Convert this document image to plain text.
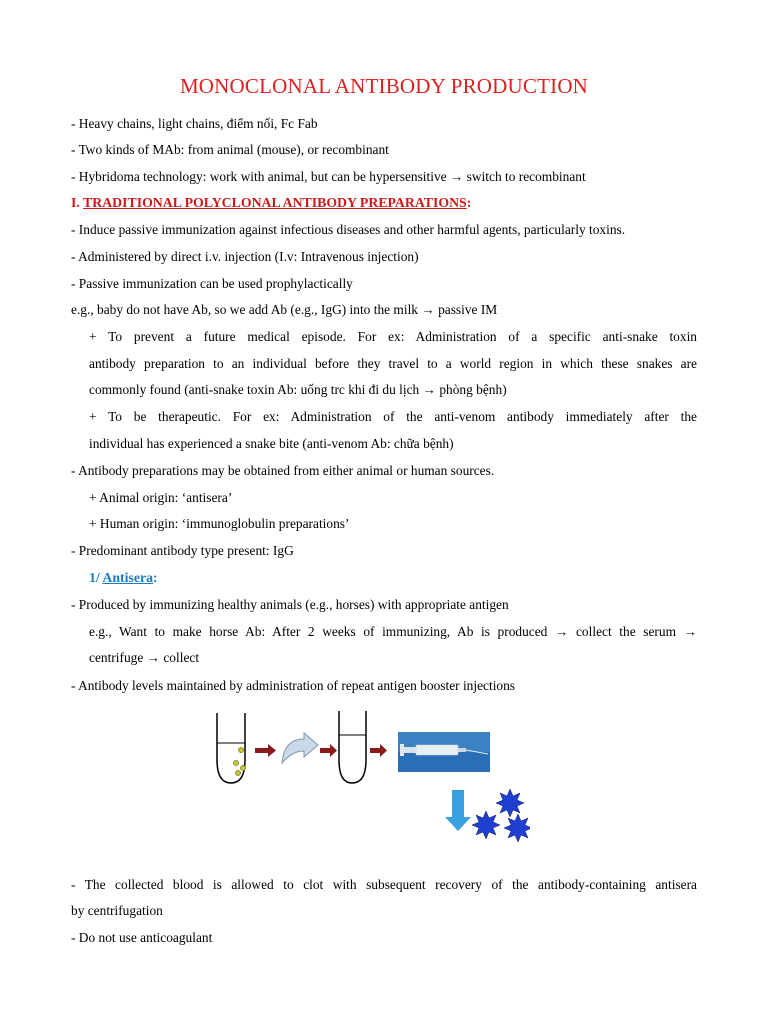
MONOCLONAL ANTIBODY PRODUCTION
- Heavy chains, light chains, điểm nối, Fc Fab
- Two kinds of MAb: from animal (mouse), or recombinant
- Hybridoma technology: work with animal, but can be hypersensitive → switch to recombinant
I. TRADITIONAL POLYCLONAL ANTIBODY PREPARATIONS:
- Induce passive immunization against infectious diseases and other harmful agents, particularly toxins.
- Administered by direct i.v. injection (I.v: Intravenous injection)
- Passive immunization can be used prophylactically
e.g., baby do not have Ab, so we add Ab (e.g., IgG) into the milk → passive IM
+ To prevent a future medical episode. For ex: Administration of a specific anti-snake toxin
antibody preparation to an individual before they travel to a world region in which these snakes are
commonly found (anti-snake toxin Ab: uống trc khi đi du lịch → phòng bệnh)
+ To be therapeutic. For ex: Administration of the anti-venom antibody immediately after the
individual has experienced a snake bite (anti-venom Ab: chữa bệnh)
- Antibody preparations may be obtained from either animal or human sources.
+ Animal origin: ‘antisera’
+ Human origin: ‘immunoglobulin preparations’
- Predominant antibody type present: IgG
1/ Antisera:
- Produced by immunizing healthy animals (e.g., horses) with appropriate antigen
e.g., Want to make horse Ab: After 2 weeks of immunizing, Ab is produced → collect the serum →
centrifuge → collect
- Antibody levels maintained by administration of repeat antigen booster injections
- The collected blood is allowed to clot with subsequent recovery of the antibody-containing antisera
by centrifugation
- Do not use anticoagulant
